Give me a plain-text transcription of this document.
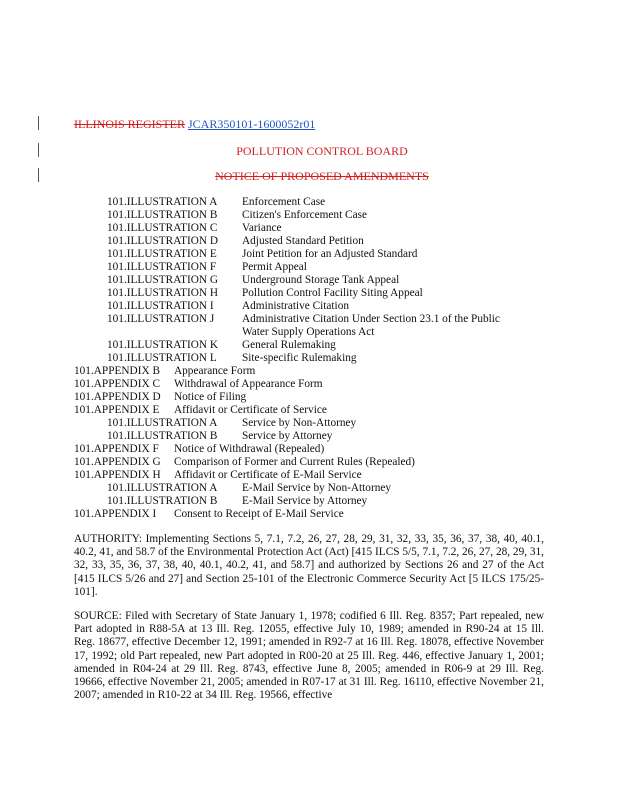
ILLINOIS REGISTER JCAR350101-1600052r01
POLLUTION CONTROL BOARD
NOTICE OF PROPOSED AMENDMENTS
101.ILLUSTRATION A Enforcement Case
101.ILLUSTRATION B Citizen's Enforcement Case
101.ILLUSTRATION C Variance
101.ILLUSTRATION D Adjusted Standard Petition
101.ILLUSTRATION E Joint Petition for an Adjusted Standard
101.ILLUSTRATION F Permit Appeal
101.ILLUSTRATION G Underground Storage Tank Appeal
101.ILLUSTRATION H Pollution Control Facility Siting Appeal
101.ILLUSTRATION I	Administrative Citation
101.ILLUSTRATION J Administrative Citation Under Section 23.1 of the Public
Water Supply Operations Act
101.ILLUSTRATION K General Rulemaking
101.ILLUSTRATION L Site-specific Rulemaking
101.APPENDIX B Appearance Form
101.APPENDIX C Withdrawal of Appearance Form
101.APPENDIX D Notice of Filing
101.APPENDIX E Affidavit or Certificate of Service
101.ILLUSTRATION A Service by Non-Attorney
101.ILLUSTRATION B Service by Attorney
101.APPENDIX F Notice of Withdrawal (Repealed)
101.APPENDIX G Comparison of Former and Current Rules (Repealed)
101.APPENDIX H Affidavit or Certificate of E-Mail Service
101.ILLUSTRATION A E-Mail Service by Non-Attorney
101.ILLUSTRATION B E-Mail Service by Attorney
101.APPENDIX I Consent to Receipt of E-Mail Service

AUTHORITY: Implementing Sections 5, 7.1, 7.2, 26, 27, 28, 29, 31, 32, 33, 35, 36, 37, 38, 40, 40.1, 40.2, 41, and 58.7 of the Environmental Protection Act (Act) [415 ILCS 5/5, 7.1, 7.2, 26, 27, 28, 29, 31, 32, 33, 35, 36, 37, 38, 40, 40.1, 40.2, 41, and 58.7] and authorized by Sections 26 and 27 of the Act [415 ILCS 5/26 and 27] and Section 25-101 of the Electronic Commerce Security Act [5 ILCS 175/25-101].

SOURCE: Filed with Secretary of State January 1, 1978; codified 6 Ill. Reg. 8357; Part repealed, new Part adopted in R88-5A at 13 Ill. Reg. 12055, effective July 10, 1989; amended in R90-24 at 15 Ill. Reg. 18677, effective December 12, 1991; amended in R92-7 at 16 Ill. Reg. 18078, effective November 17, 1992; old Part repealed, new Part adopted in R00-20 at 25 Ill. Reg. 446, effective January 1, 2001; amended in R04-24 at 29 Ill. Reg. 8743, effective June 8, 2005; amended in R06-9 at 29 Ill. Reg. 19666, effective November 21, 2005; amended in R07-17 at 31 Ill. Reg. 16110, effective November 21, 2007; amended in R10-22 at 34 Ill. Reg. 19566, effective
